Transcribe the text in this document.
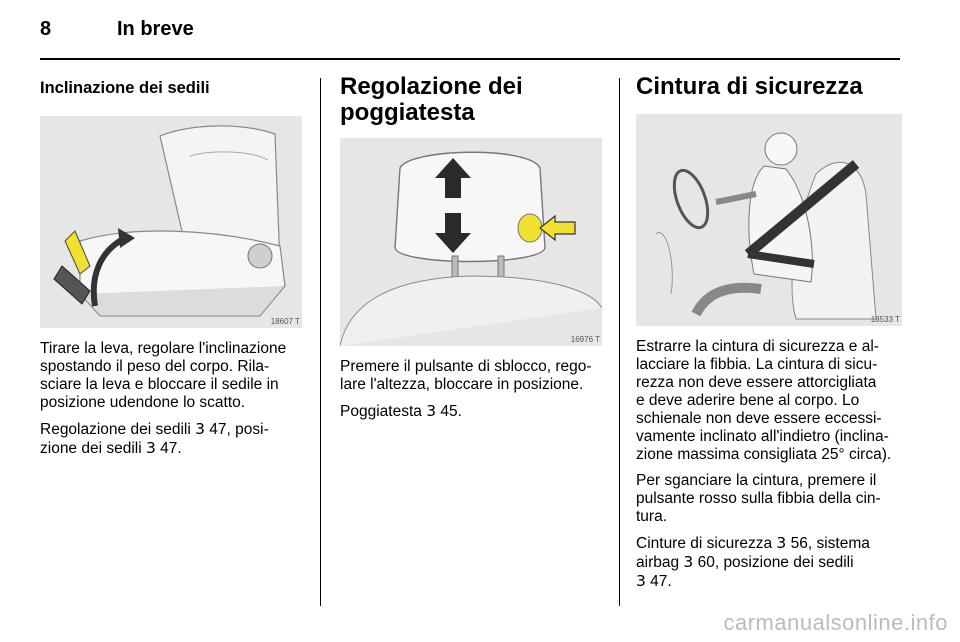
8	In breve
Inclinazione dei sedili
18607 T

Tirare la leva, regolare l'inclinazione
spostando il peso del corpo. Rila-
sciare la leva e bloccare il sedile in
posizione udendone lo scatto.

Regolazione dei sedili 3 47, posi-
zione dei sedili 3 47.

Regolazione dei
poggiatesta
16976 T

Premere il pulsante di sblocco, rego-
lare l'altezza, bloccare in posizione.

Poggiatesta 3 45.

Cintura di sicurezza
18533 T

Estrarre la cintura di sicurezza e al-
lacciare la fibbia. La cintura di sicu-
rezza non deve essere attorcigliata
e deve aderire bene al corpo. Lo
schienale non deve essere eccessi-
vamente inclinato all'indietro (inclina-
zione massima consigliata 25° circa).

Per sganciare la cintura, premere il
pulsante rosso sulla fibbia della cin-
tura.

Cinture di sicurezza 3 56, sistema
airbag 3 60, posizione dei sedili
3 47.

carmanualsonline.info
